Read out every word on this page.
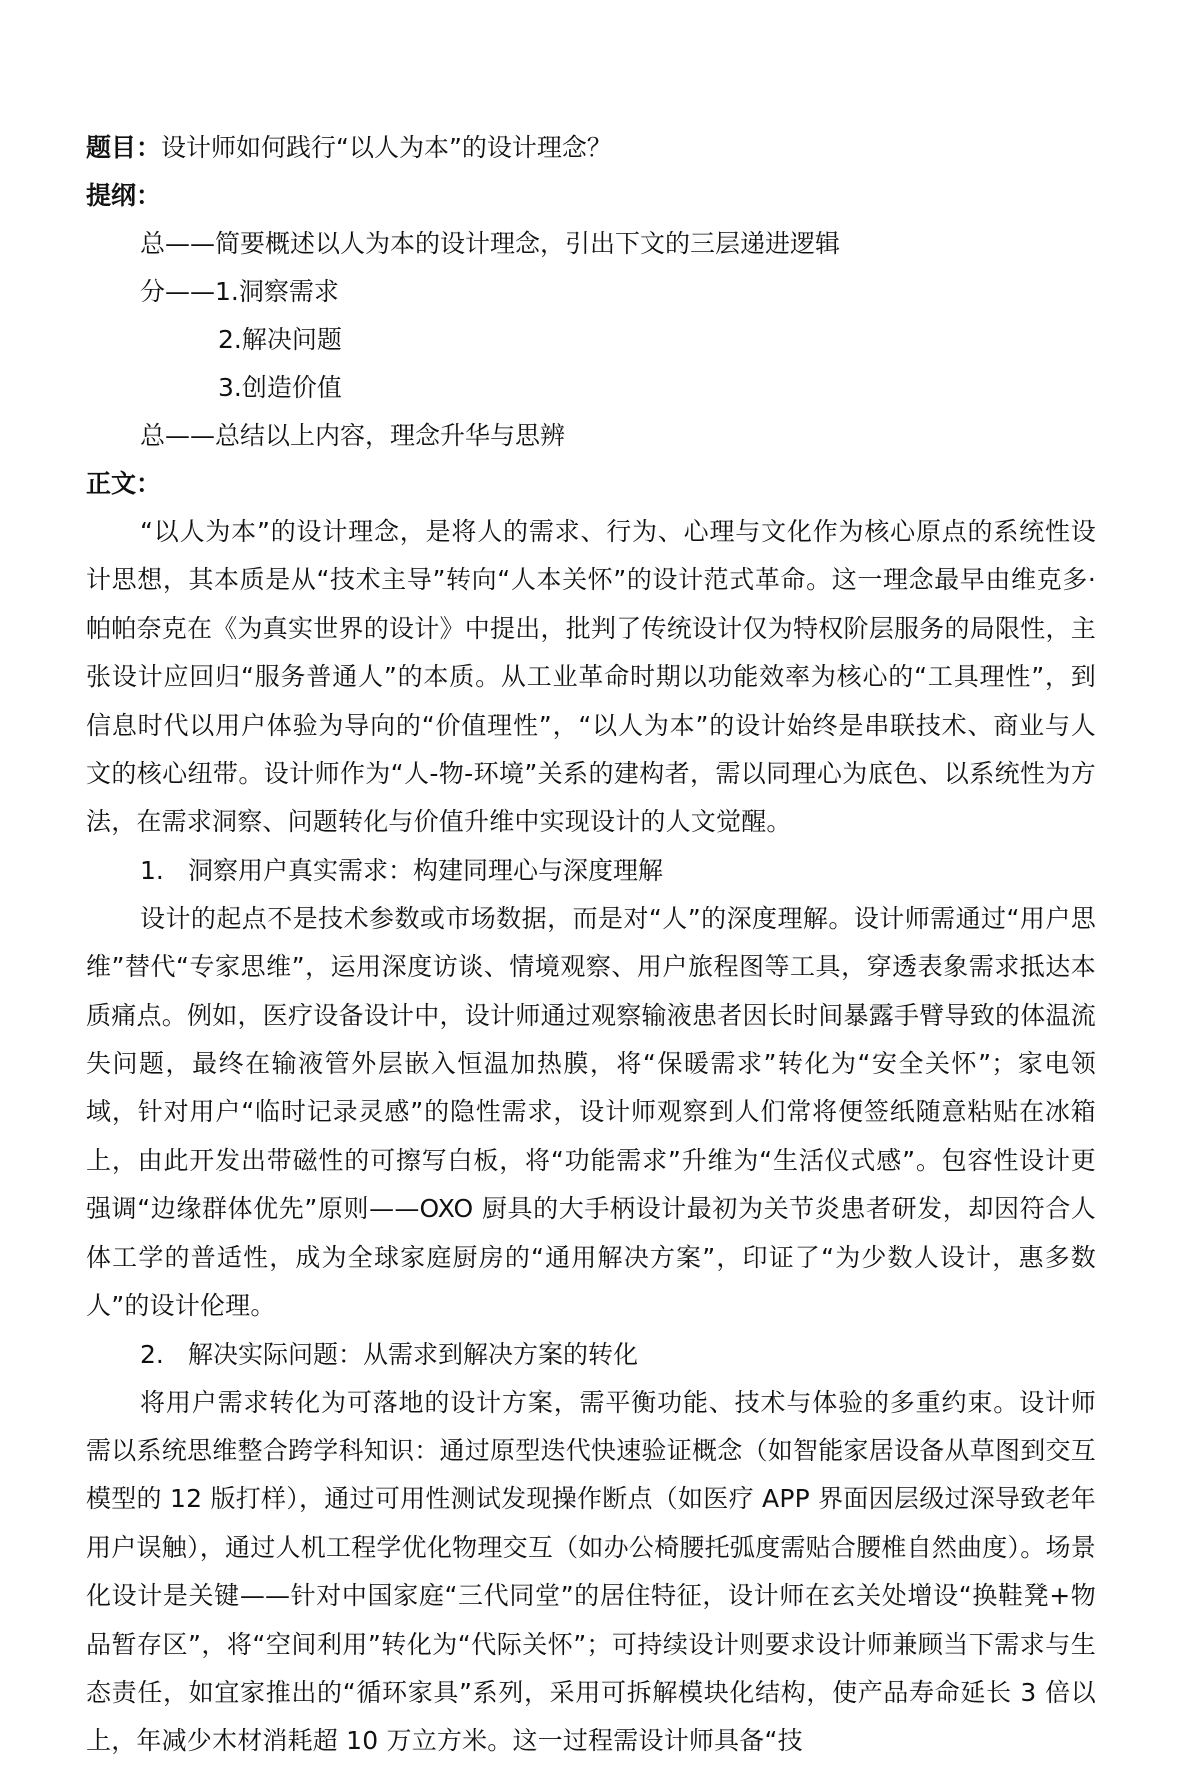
题目：设计师如何践行“以人为本”的设计理念？
提纲：
总——简要概述以人为本的设计理念，引出下文的三层递进逻辑
分——1.洞察需求
2.解决问题
3.创造价值
总——总结以上内容，理念升华与思辨
正文：

“以人为本”的设计理念，是将人的需求、行为、心理与文化作为核心原点的系统性设计思想，其本质是从“技术主导”转向“人本关怀”的设计范式革命。这一理念最早由维克多·帕帕奈克在《为真实世界的设计》中提出，批判了传统设计仅为特权阶层服务的局限性，主张设计应回归“服务普通人”的本质。从工业革命时期以功能效率为核心的“工具理性”，到信息时代以用户体验为导向的“价值理性”，“以人为本”的设计始终是串联技术、商业与人文的核心纽带。设计师作为“人-物-环境”关系的建构者，需以同理心为底色、以系统性为方法，在需求洞察、问题转化与价值升维中实现设计的人文觉醒。

1. 洞察用户真实需求：构建同理心与深度理解

设计的起点不是技术参数或市场数据，而是对“人”的深度理解。设计师需通过“用户思维”替代“专家思维”，运用深度访谈、情境观察、用户旅程图等工具，穿透表象需求抵达本质痛点。例如，医疗设备设计中，设计师通过观察输液患者因长时间暴露手臂导致的体温流失问题，最终在输液管外层嵌入恒温加热膜，将“保暖需求”转化为“安全关怀”；家电领域，针对用户“临时记录灵感”的隐性需求，设计师观察到人们常将便签纸随意粘贴在冰箱上，由此开发出带磁性的可擦写白板，将“功能需求”升维为“生活仪式感”。包容性设计更强调“边缘群体优先”原则——OXO 厨具的大手柄设计最初为关节炎患者研发，却因符合人体工学的普适性，成为全球家庭厨房的“通用解决方案”，印证了“为少数人设计，惠多数人”的设计伦理。

2. 解决实际问题：从需求到解决方案的转化

将用户需求转化为可落地的设计方案，需平衡功能、技术与体验的多重约束。设计师需以系统思维整合跨学科知识：通过原型迭代快速验证概念（如智能家居设备从草图到交互模型的 12 版打样），通过可用性测试发现操作断点（如医疗 APP 界面因层级过深导致老年用户误触），通过人机工程学优化物理交互（如办公椅腰托弧度需贴合腰椎自然曲度）。场景化设计是关键——针对中国家庭“三代同堂”的居住特征，设计师在玄关处增设“换鞋凳+物品暂存区”，将“空间利用”转化为“代际关怀”；可持续设计则要求设计师兼顾当下需求与生态责任，如宜家推出的“循环家具”系列，采用可拆解模块化结构，使产品寿命延长 3 倍以上，年减少木材消耗超 10 万立方米。这一过程需设计师具备“技
